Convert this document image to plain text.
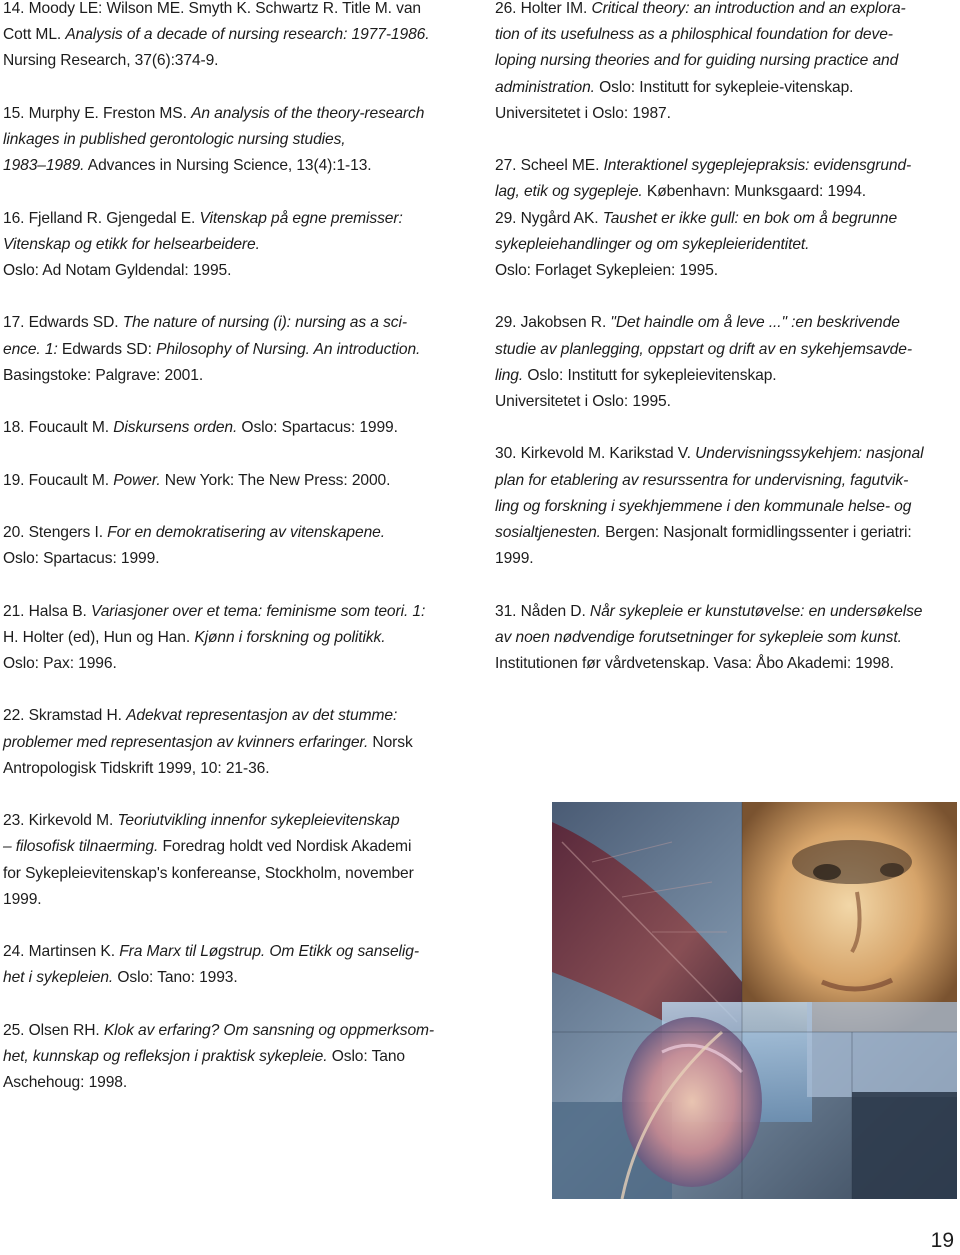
14. Moody LE: Wilson ME. Smyth K. Schwartz R. Title M. van
Cott ML. Analysis of a decade of nursing research: 1977-1986.
Nursing Research, 37(6):374-9.
15. Murphy E. Freston MS. An analysis of the theory-research
linkages in published gerontologic nursing studies,
1983–1989. Advances in Nursing Science, 13(4):1-13.
16. Fjelland R. Gjengedal E. Vitenskap på egne premisser:
Vitenskap og etikk for helsearbeidere.
Oslo: Ad Notam Gyldendal: 1995.
17. Edwards SD. The nature of nursing (i): nursing as a sci-
ence. 1: Edwards SD: Philosophy of Nursing. An introduction.
Basingstoke: Palgrave: 2001.
18. Foucault M. Diskursens orden. Oslo: Spartacus: 1999.
19. Foucault M. Power. New York: The New Press: 2000.
20. Stengers I. For en demokratisering av vitenskapene.
Oslo: Spartacus: 1999.
21. Halsa B. Variasjoner over et tema: feminisme som teori. 1:
H. Holter (ed), Hun og Han. Kjønn i forskning og politikk.
Oslo: Pax: 1996.
22. Skramstad H. Adekvat representasjon av det stumme:
problemer med representasjon av kvinners erfaringer. Norsk
Antropologisk Tidskrift 1999, 10: 21-36.
23. Kirkevold M. Teoriutvikling innenfor sykepleievitenskap
– filosofisk tilnaerming. Foredrag holdt ved Nordisk Akademi
for Sykepleievitenskap's konfereanse, Stockholm, november
1999.
24. Martinsen K. Fra Marx til Løgstrup. Om Etikk og sanselig-
het i sykepleien. Oslo: Tano: 1993.
25. Olsen RH. Klok av erfaring? Om sansning og oppmerksom-
het, kunnskap og refleksjon i praktisk sykepleie. Oslo: Tano
Aschehoug: 1998.
26. Holter IM. Critical theory: an introduction and an explora-
tion of its usefulness as a philosphical foundation for deve-
loping nursing theories and for guiding nursing practice and
administration. Oslo: Institutt for sykepleie-vitenskap.
Universitetet i Oslo: 1987.
27. Scheel ME. Interaktionel sygeplejepraksis: evidensgrund-
lag, etik og sygepleje. København: Munksgaard: 1994.
29. Nygård AK. Taushet er ikke gull: en bok om å begrunne
sykepleiehandlinger og om sykepleieridentitet.
Oslo: Forlaget Sykepleien: 1995.
29. Jakobsen R. "Det haindle om å leve ..." :en beskrivende
studie av planlegging, oppstart og drift av en sykehjemsavde-
ling. Oslo: Institutt for sykepleievitenskap.
Universitetet i Oslo: 1995.
30. Kirkevold M. Karikstad V. Undervisningssykehjem: nasjonal
plan for etablering av resurssentra for undervisning, fagutvik-
ling og forskning i syekhjemmene i den kommunale helse- og
sosialtjenesten. Bergen: Nasjonalt formidlingssenter i geriatri:
1999.
31. Nåden D. Når sykepleie er kunstutøvelse: en undersøkelse
av noen nødvendige forutsetninger for sykepleie som kunst.
Institutionen før vårdvetenskap. Vasa: Åbo Akademi: 1998.
19
